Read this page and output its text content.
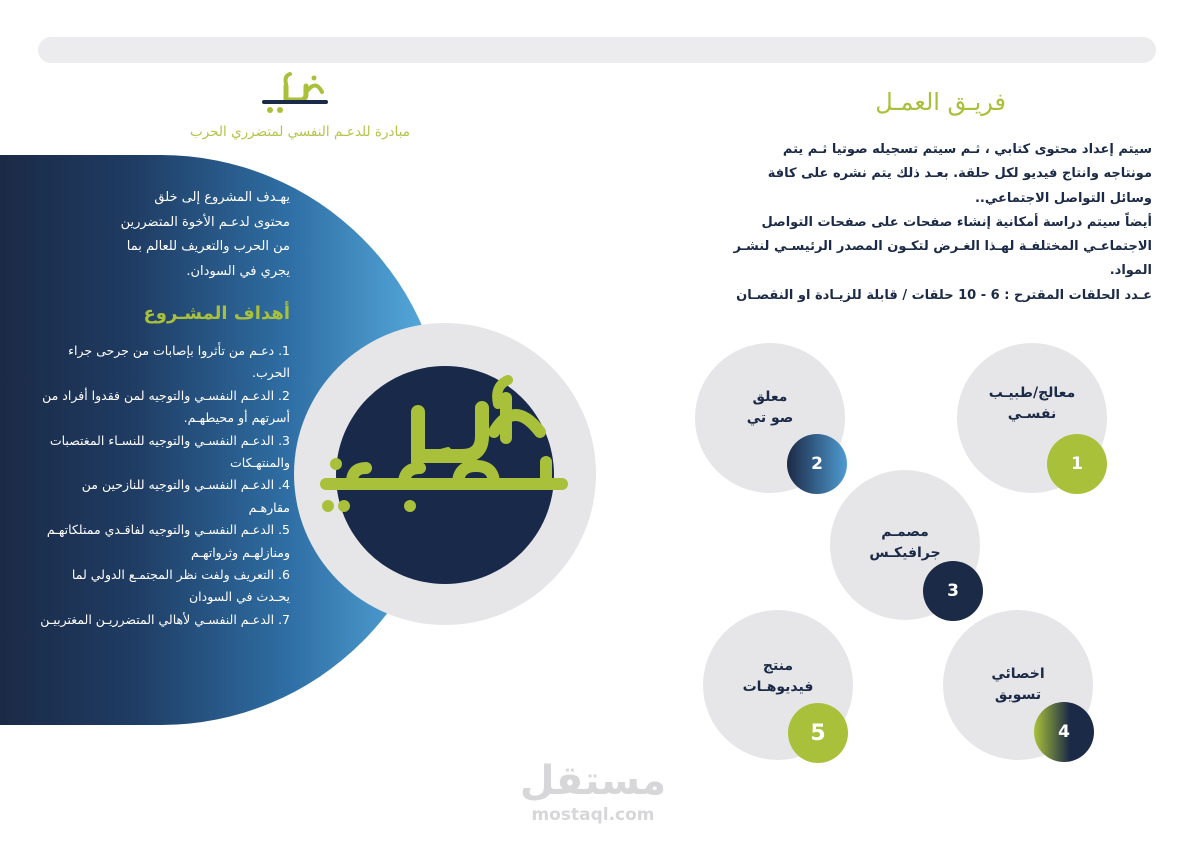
مبادرة للدعـم النفسي لمتضرري الحرب
يهـدف المشروع إلى خلق
محتوى لدعـم الأخوة المتضررين
من الحرب والتعريف للعالم بما
يجري في السودان.
أهداف المشـروع
1. دعـم من تأثروا بإصابات من جرحى جراء الحرب.
2. الدعـم النفسـي والتوجيه لمن فقدوا أفراد من أسرتهم أو محيطهـم.
3. الدعـم النفسـي والتوجيه للنسـاء المغتصبات والمنتهـكات
4. الدعـم النفسـي والتوجيه للنازحين من مقارهـم
5. الدعـم النفسـي والتوجيه لفاقـدي ممتلكاتهـم ومنازلهـم وثرواتهـم
6. التعريف ولفت نظر المجتمـع الدولي لما يحـدث في السودان
7. الدعـم النفسـي لأهالي المتضرريـن المغتربيـن
فريـق العمـل
سيتم إعداد محتوى كتابي ، ثـم سيتم تسجيله صوتيا ثـم يتم
مونتاجه وانتاج فيديو لكل حلقة. بعـد ذلك يتم نشره على كافة
وسائل التواصل الاجتماعي..
أيضاً سيتم دراسة أمكانية إنشاء صفحات على صفحات التواصل
الاجتماعـي المختلفـة لهـذا الغـرض لتكـون المصدر الرئيسـي لنشـر
المواد.
عـدد الحلقات المقترح : 6 - 10 حلقات / قابلة للزيـادة او النقصـان
معالج/طبيـب
نفسـي
1
معلق
صو تي
2
مصمـم
جرافيكـس
3
اخصائي
تسويق
4
منتج
فيديوهـات
5
مستقل
mostaql.com
